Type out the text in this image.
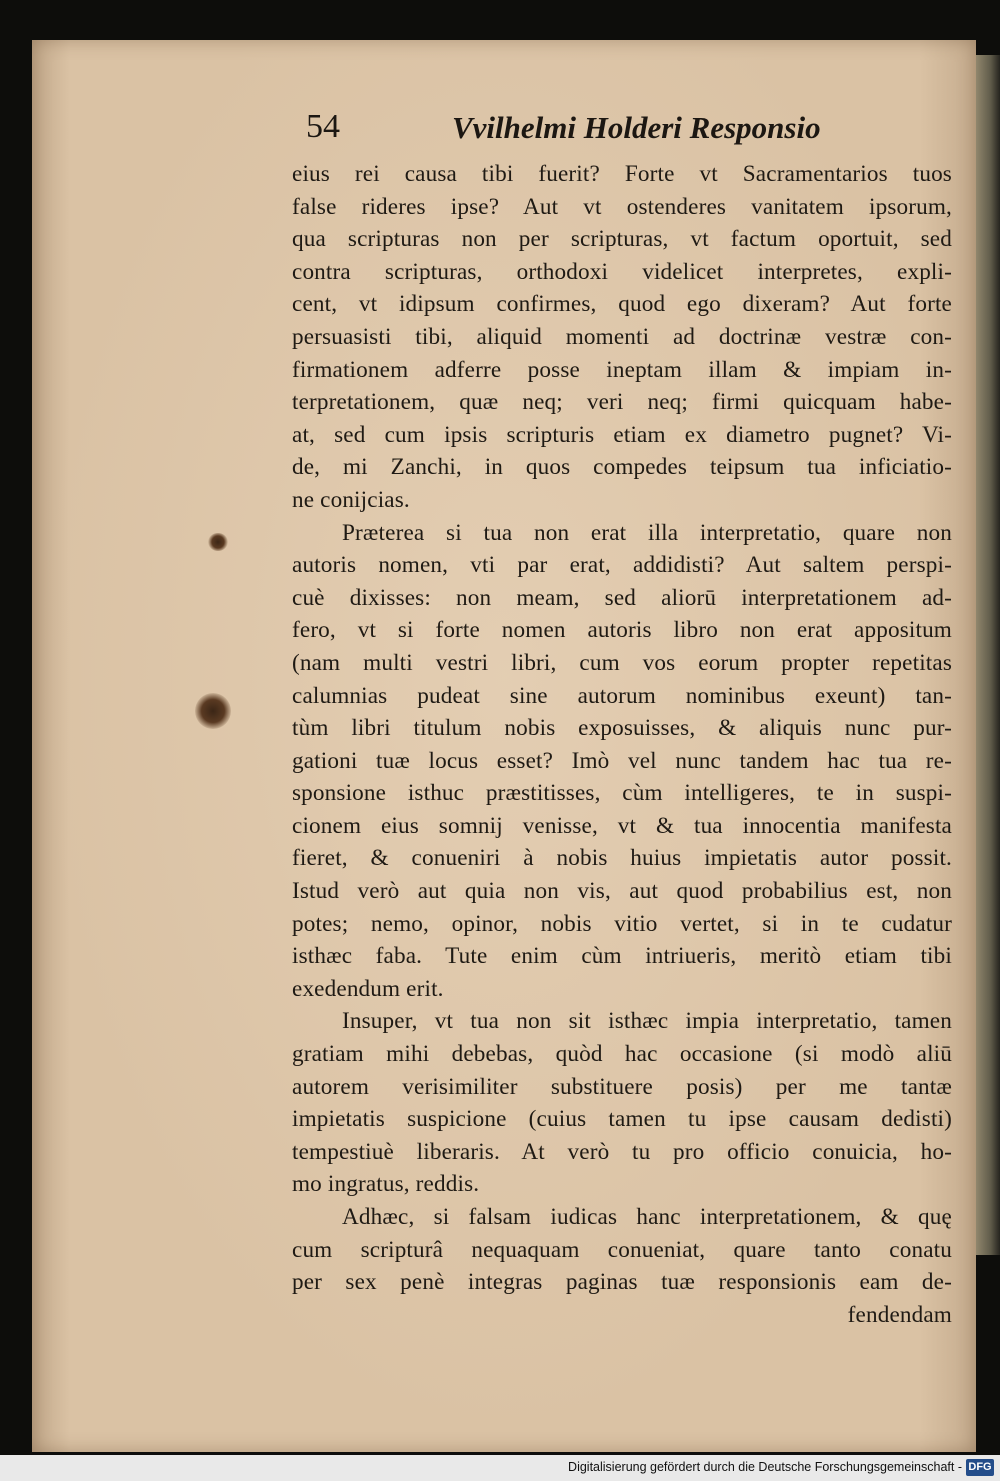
54	Vvilhelmi Holderi Responsio
eius rei causa tibi fuerit? Forte vt Sacramentarios tuos
false rideres ipse? Aut vt ostenderes vanitatem ipsorum,
qua scripturas non per scripturas, vt factum oportuit, sed
contra scripturas, orthodoxi videlicet interpretes, expli-
cent, vt idipsum confirmes, quod ego dixeram? Aut forte
persuasisti tibi, aliquid momenti ad doctrinæ vestræ con-
firmationem adferre posse ineptam illam & impiam in-
terpretationem, quæ neq; veri neq; firmi quicquam habe-
at, sed cum ipsis scripturis etiam ex diametro pugnet? Vi-
de, mi Zanchi, in quos compedes teipsum tua inficiatio-
ne conijcias.
Præterea si tua non erat illa interpretatio, quare non
autoris nomen, vti par erat, addidisti? Aut saltem perspi-
cuè dixisses: non meam, sed aliorū interpretationem ad-
fero, vt si forte nomen autoris libro non erat appositum
(nam multi vestri libri, cum vos eorum propter repetitas
calumnias pudeat sine autorum nominibus exeunt) tan-
tùm libri titulum nobis exposuisses, & aliquis nunc pur-
gationi tuæ locus esset? Imò vel nunc tandem hac tua re-
sponsione isthuc præstitisses, cùm intelligeres, te in suspi-
cionem eius somnij venisse, vt & tua innocentia manifesta
fieret, & conueniri à nobis huius impietatis autor possit.
Istud verò aut quia non vis, aut quod probabilius est, non
potes; nemo, opinor, nobis vitio vertet, si in te cudatur
isthæc faba. Tute enim cùm intriueris, meritò etiam tibi
exedendum erit.
Insuper, vt tua non sit isthæc impia interpretatio, tamen
gratiam mihi debebas, quòd hac occasione (si modò aliū
autorem verisimiliter substituere posis) per me tantæ
impietatis suspicione (cuius tamen tu ipse causam dedisti)
tempestiuè liberaris. At verò tu pro officio conuicia, ho-
mo ingratus, reddis.
Adhæc, si falsam iudicas hanc interpretationem, & quę
cum scripturâ nequaquam conueniat, quare tanto conatu
per sex penè integras paginas tuæ responsionis eam de-
fendendam
Digitalisierung gefördert durch die Deutsche Forschungsgemeinschaft - DFG
